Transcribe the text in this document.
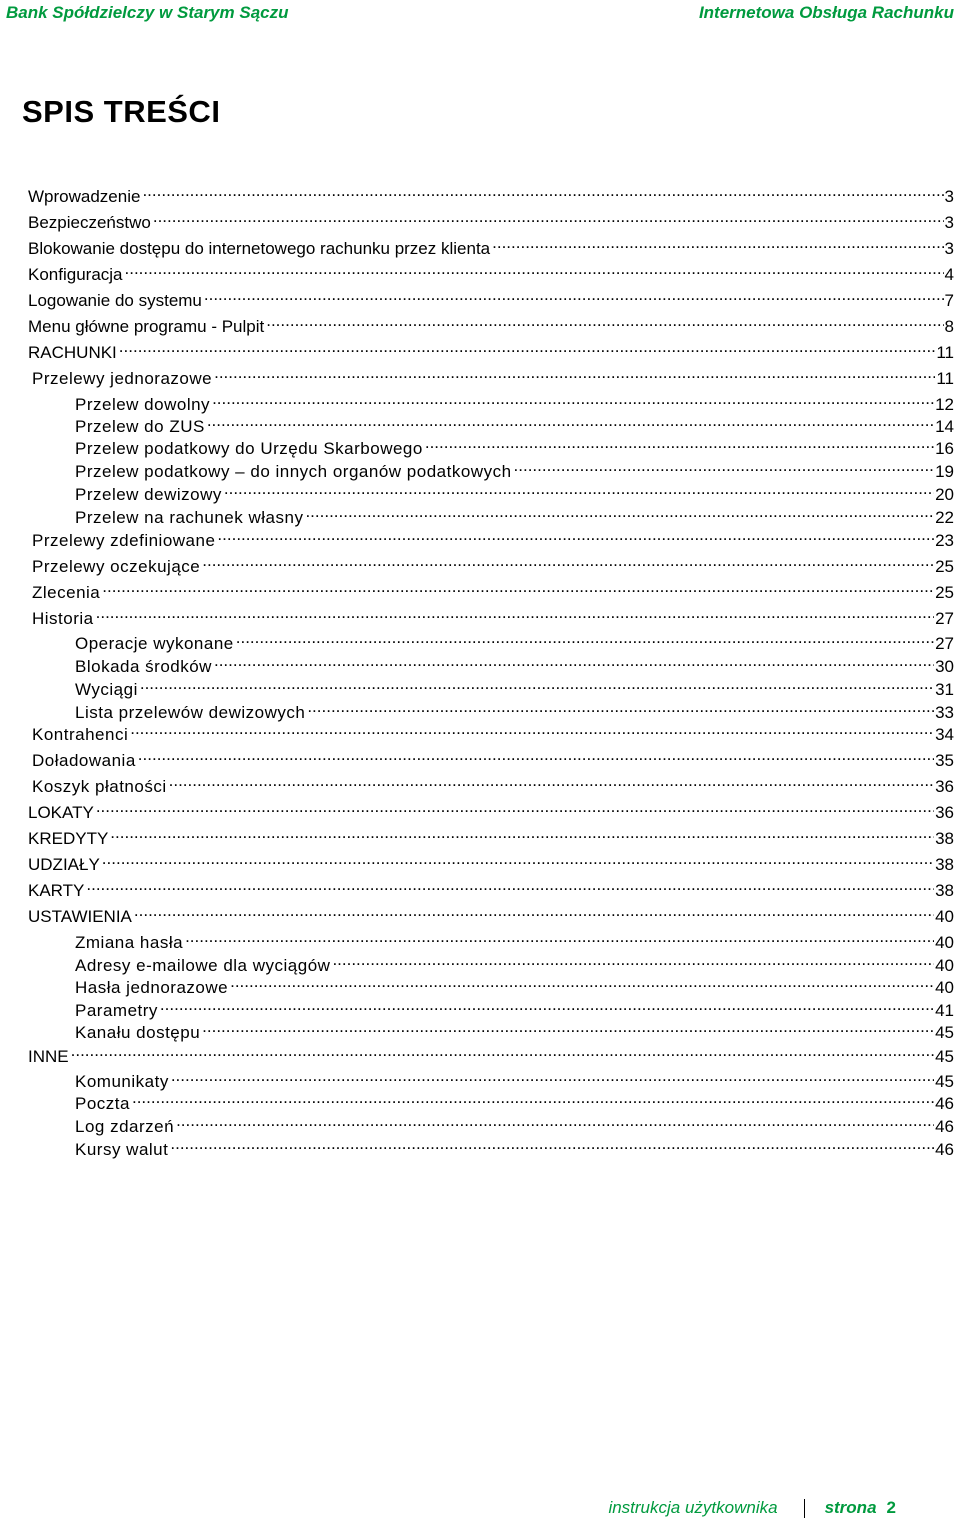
Bank Spółdzielczy w Starym Sączu	Internetowa Obsługa Rachunku
SPIS TREŚCI
Wprowadzenie .....	3
Bezpieczeństwo .....	3
Blokowanie dostępu do internetowego rachunku przez klienta .....	3
Konfiguracja .....	4
Logowanie do systemu .....	7
Menu główne programu - Pulpit .....	8
RACHUNKI .....	11
Przelewy jednorazowe .....	11
Przelew dowolny .....	12
Przelew do ZUS .....	14
Przelew podatkowy do Urzędu Skarbowego .....	16
Przelew podatkowy – do innych organów podatkowych .....	19
Przelew dewizowy .....	20
Przelew na rachunek własny .....	22
Przelewy zdefiniowane .....	23
Przelewy oczekujące .....	25
Zlecenia .....	25
Historia .....	27
Operacje wykonane .....	27
Blokada środków .....	30
Wyciągi .....	31
Lista przelewów dewizowych .....	33
Kontrahenci .....	34
Doładowania .....	35
Koszyk płatności .....	36
LOKATY .....	36
KREDYTY .....	38
UDZIAŁY .....	38
KARTY .....	38
USTAWIENIA .....	40
Zmiana hasła .....	40
Adresy e-mailowe dla wyciągów .....	40
Hasła jednorazowe .....	40
Parametry .....	41
Kanału dostępu .....	45
INNE .....	45
Komunikaty .....	45
Poczta .....	46
Log zdarzeń .....	46
Kursy walut .....	46
instrukcja użytkownika	strona 2
